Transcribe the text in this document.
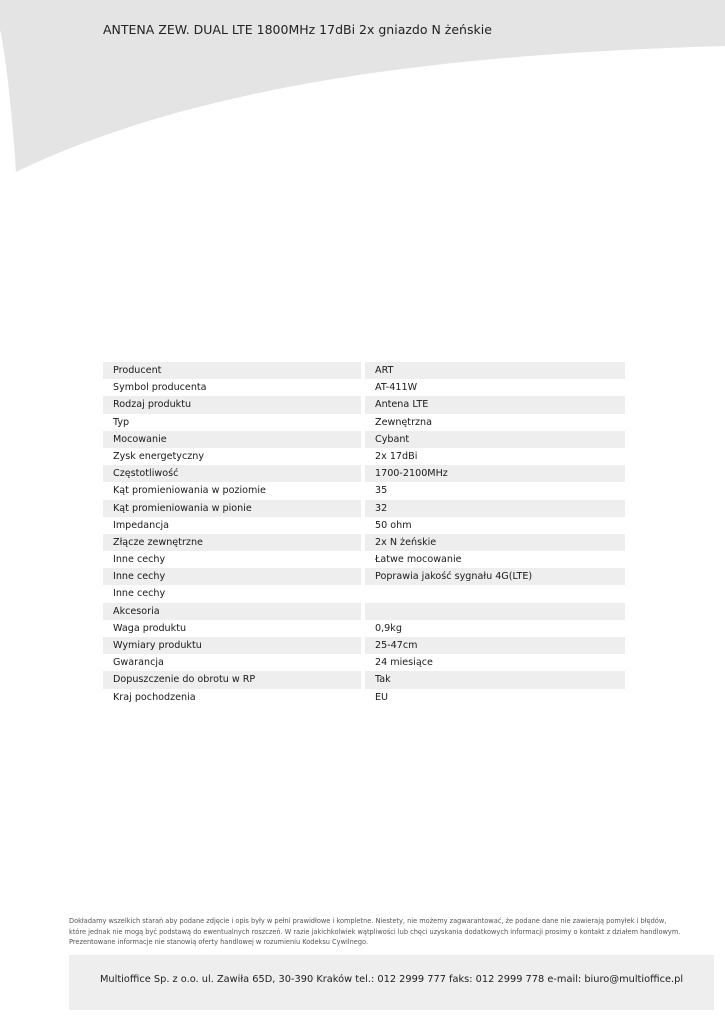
ANTENA ZEW. DUAL LTE 1800MHz 17dBi 2x gniazdo N żeńskie
Producent	ART
Symbol producenta	AT-411W
Rodzaj produktu	Antena LTE
Typ	Zewnętrzna
Mocowanie	Cybant
Zysk energetyczny	2x 17dBi
Częstotliwość	1700-2100MHz
Kąt promieniowania w poziomie	35
Kąt promieniowania w pionie	32
Impedancja	50 ohm
Złącze zewnętrzne	2x N żeńskie
Inne cechy	Łatwe mocowanie
Inne cechy	Poprawia jakość sygnału 4G(LTE)
Inne cechy
Akcesoria
Waga produktu	0,9kg
Wymiary produktu	25-47cm
Gwarancja	24 miesiące
Dopuszczenie do obrotu w RP	Tak
Kraj pochodzenia	EU
Dokładamy wszelkich starań aby podane zdjęcie i opis były w pełni prawidłowe i kompletne. Niestety, nie możemy zagwarantować, że podane dane nie zawierają pomyłek i błędów,
które jednak nie mogą być podstawą do ewentualnych roszczeń. W razie jakichkolwiek wątpliwości lub chęci uzyskania dodatkowych informacji prosimy o kontakt z działem handlowym.
Prezentowane informacje nie stanowią oferty handlowej w rozumieniu Kodeksu Cywilnego.
Multioffice Sp. z o.o. ul. Zawiła 65D, 30-390 Kraków tel.: 012 2999 777 faks: 012 2999 778 e-mail: biuro@multioffice.pl
